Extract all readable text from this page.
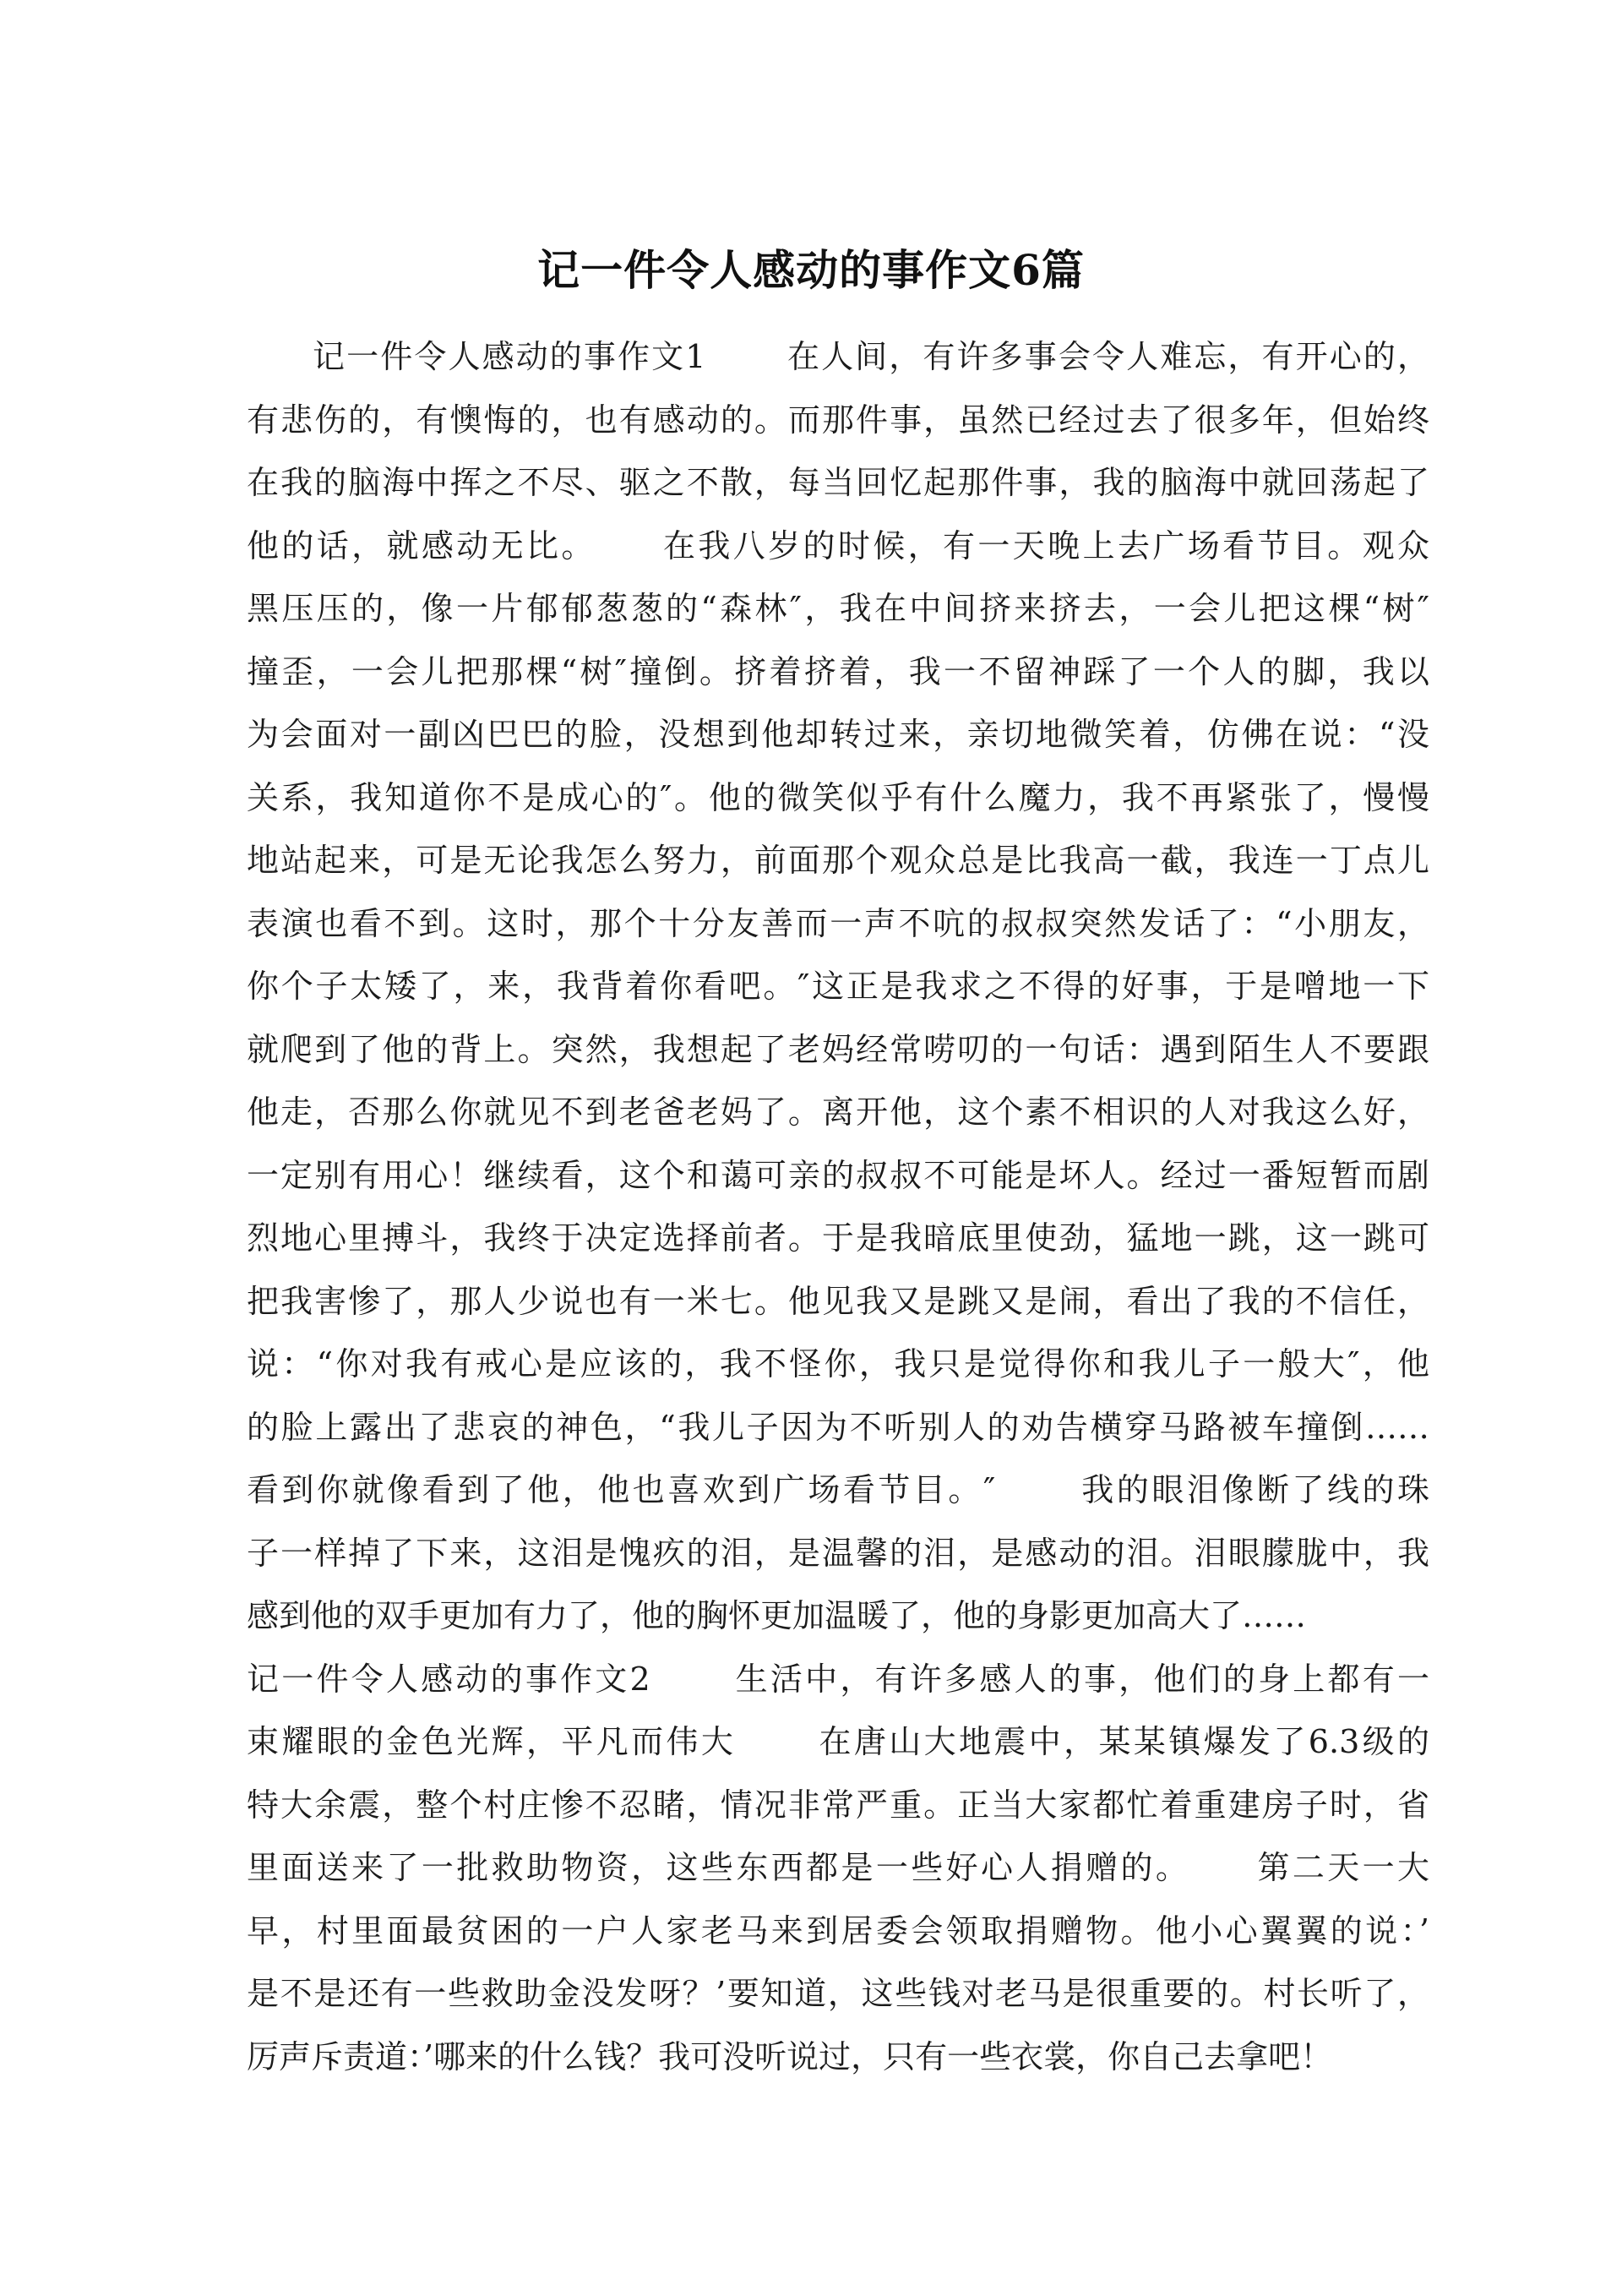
记一件令人感动的事作文6篇
记一件令人感动的事作文1　　 在人间，有许多事会令人难忘，有开心的，
有悲伤的，有懊悔的，也有感动的。而那件事，虽然已经过去了很多年，但始终
在我的脑海中挥之不尽、驱之不散，每当回忆起那件事，我的脑海中就回荡起了
他的话，就感动无比。　　 在我八岁的时候，有一天晚上去广场看节目。观众
黑压压的，像一片郁郁葱葱的“森林″，我在中间挤来挤去，一会儿把这棵“树″
撞歪，一会儿把那棵“树″撞倒。挤着挤着，我一不留神踩了一个人的脚，我以
为会面对一副凶巴巴的脸，没想到他却转过来，亲切地微笑着，仿佛在说：“没
关系，我知道你不是成心的″。他的微笑似乎有什么魔力，我不再紧张了，慢慢
地站起来，可是无论我怎么努力，前面那个观众总是比我高一截，我连一丁点儿
表演也看不到。这时，那个十分友善而一声不吭的叔叔突然发话了：“小朋友，
你个子太矮了，来，我背着你看吧。″这正是我求之不得的好事，于是噌地一下
就爬到了他的背上。突然，我想起了老妈经常唠叨的一句话：遇到陌生人不要跟
他走，否那么你就见不到老爸老妈了。离开他，这个素不相识的人对我这么好，
一定别有用心！继续看，这个和蔼可亲的叔叔不可能是坏人。经过一番短暂而剧
烈地心里搏斗，我终于决定选择前者。于是我暗底里使劲，猛地一跳，这一跳可
把我害惨了，那人少说也有一米七。他见我又是跳又是闹，看出了我的不信任，
说：“你对我有戒心是应该的，我不怪你，我只是觉得你和我儿子一般大″，他
的脸上露出了悲哀的神色，“我儿子因为不听别人的劝告横穿马路被车撞倒……
看到你就像看到了他，他也喜欢到广场看节目。″　　 我的眼泪像断了线的珠
子一样掉了下来，这泪是愧疚的泪，是温馨的泪，是感动的泪。泪眼朦胧中，我
感到他的双手更加有力了，他的胸怀更加温暖了，他的身影更加高大了……
记一件令人感动的事作文2　　 生活中，有许多感人的事，他们的身上都有一
束耀眼的金色光辉，平凡而伟大　　 在唐山大地震中，某某镇爆发了6.3级的
特大余震，整个村庄惨不忍睹，情况非常严重。正当大家都忙着重建房子时，省
里面送来了一批救助物资，这些东西都是一些好心人捐赠的。　　 第二天一大
早，村里面最贫困的一户人家老马来到居委会领取捐赠物。他小心翼翼的说：’
是不是还有一些救助金没发呀？’要知道，这些钱对老马是很重要的。村长听了，
厉声斥责道：’哪来的什么钱？我可没听说过，只有一些衣裳，你自己去拿吧！
